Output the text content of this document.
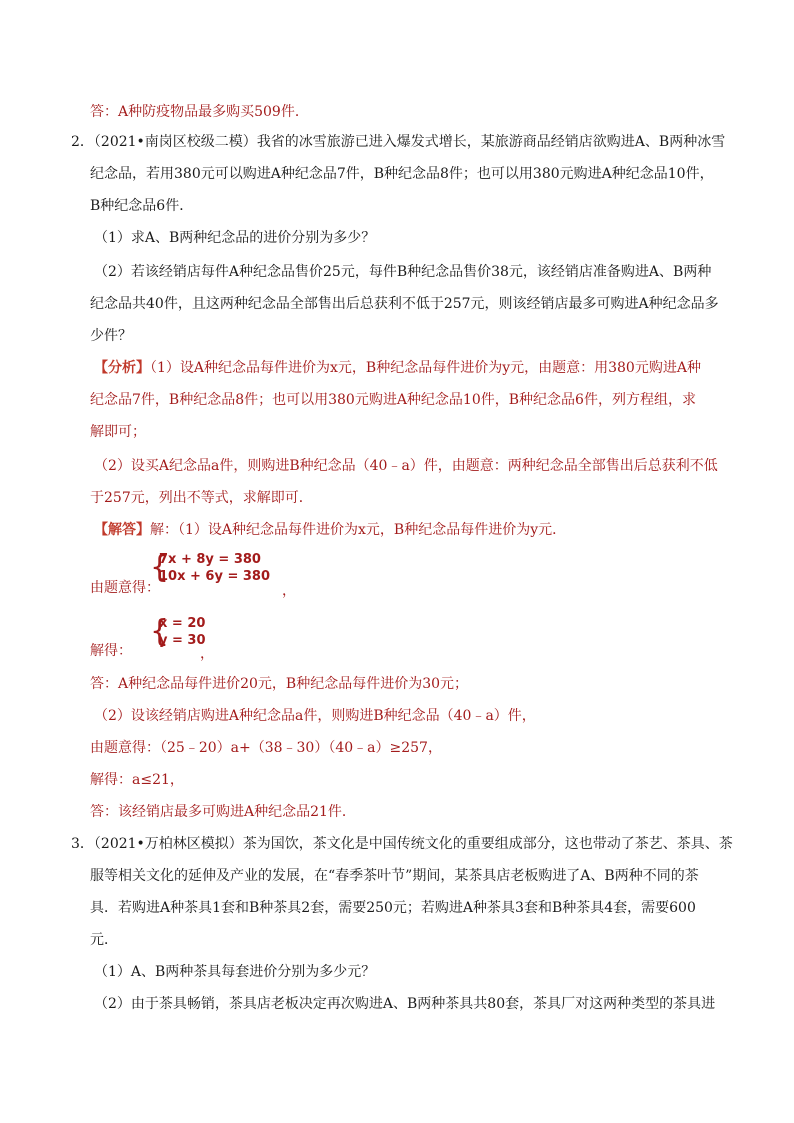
答：A种防疫物品最多购买509件．
2．（2021•南岗区校级二模）我省的冰雪旅游已进入爆发式增长，某旅游商品经销店欲购进A、B两种冰雪
纪念品，若用380元可以购进A种纪念品7件，B种纪念品8件；也可以用380元购进A种纪念品10件，
B种纪念品6件．
（1）求A、B两种纪念品的进价分别为多少？
（2）若该经销店每件A种纪念品售价25元，每件B种纪念品售价38元，该经销店准备购进A、B两种
纪念品共40件，且这两种纪念品全部售出后总获利不低于257元，则该经销店最多可购进A种纪念品多
少件？
【分析】（1）设A种纪念品每件进价为x元，B种纪念品每件进价为y元，由题意：用380元购进A种
纪念品7件，B种纪念品8件；也可以用380元购进A种纪念品10件，B种纪念品6件，列方程组，求
解即可；
（2）设买A纪念品a件，则购进B种纪念品（40﹣a）件，由题意：两种纪念品全部售出后总获利不低
于257元，列出不等式，求解即可．
【解答】解：（1）设A种纪念品每件进价为x元，B种纪念品每件进价为y元．
由题意得：
{
7x + 8y = 380
10x + 6y = 380
，
解得：
{
x = 20
y = 30
，
答：A种纪念品每件进价20元，B种纪念品每件进价为30元；
（2）设该经销店购进A种纪念品a件，则购进B种纪念品（40﹣a）件，
由题意得：（25﹣20）a+（38﹣30）（40﹣a）≥257，
解得：a≤21，
答：该经销店最多可购进A种纪念品21件．
3．（2021•万柏林区模拟）茶为国饮，茶文化是中国传统文化的重要组成部分，这也带动了茶艺、茶具、茶
服等相关文化的延伸及产业的发展，在“春季茶叶节”期间，某茶具店老板购进了A、B两种不同的茶
具．若购进A种茶具1套和B种茶具2套，需要250元；若购进A种茶具3套和B种茶具4套，需要600
元．
（1）A、B两种茶具每套进价分别为多少元？
（2）由于茶具畅销，茶具店老板决定再次购进A、B两种茶具共80套，茶具厂对这两种类型的茶具进
